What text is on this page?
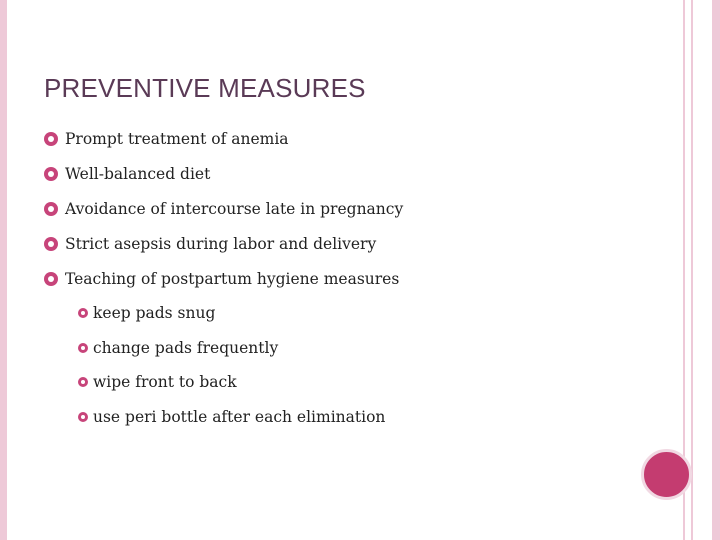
PREVENTIVE MEASURES
Prompt treatment of anemia
Well-balanced diet
Avoidance of intercourse late in pregnancy
Strict asepsis during labor and delivery
Teaching of postpartum hygiene measures
keep pads snug
change pads frequently
wipe front to back
use peri bottle after each elimination
